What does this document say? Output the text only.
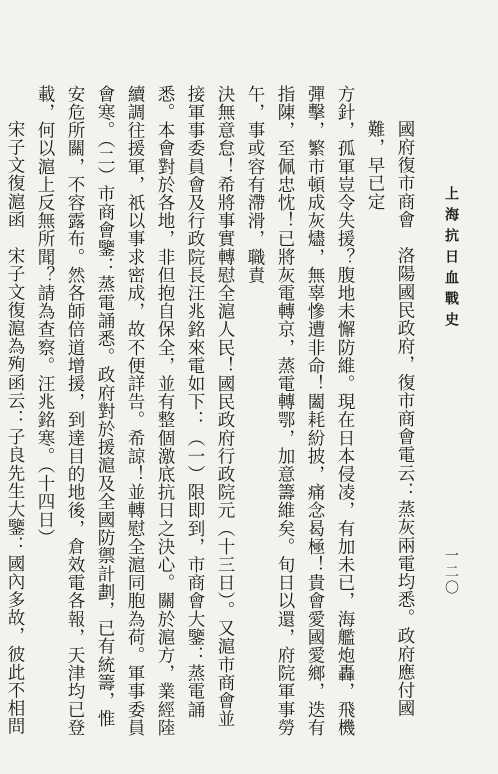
上海抗日血戰史
一二〇

國府復市商會　洛陽國民政府，復市商會電云：蒸灰兩電均悉。政府應付國難，早已定

方針，孤軍豈令失援？腹地未懈防維。現在日本侵凌，有加未已，海艦炮轟，飛機彈擊，繁市頓成灰燼，無辜慘遭非命！闔耗紛披，痛念曷極！貴會愛國愛鄉，迭有指陳，至佩忠忱！已將灰電轉京，蒸電轉鄂，加意籌維矣。旬日以還，府院軍事勞午，事或容有滯滑，職責

決無意怠！希將事實轉慰全滬人民！國民政府行政院元（十三日）。又滬市商會並接軍事委員會及行政院長汪兆銘來電如下：（一）限即到，市商會大鑒：蒸電誦悉。本會對於各地，非但抱自保全，並有整個激底抗日之決心。關於滬方，業經陸續調往援軍，祇以事求密成，故不便詳告。希諒！並轉慰全滬同胞為荷。軍事委員會寒。（二）市商會鑒：蒸電誦悉。政府對於援滬及全國防禦計劃，已有統籌，惟安危所關，不容露布。然各師倍道增援，到達目的地後，倉效電各報，天津均已登載，何以滬上反無所聞？請為查察。汪兆銘寒。（十四日）

宋子文復滬函　宋子文復滬為殉函云：子良先生大鑒：國內多故，彼此不相問
